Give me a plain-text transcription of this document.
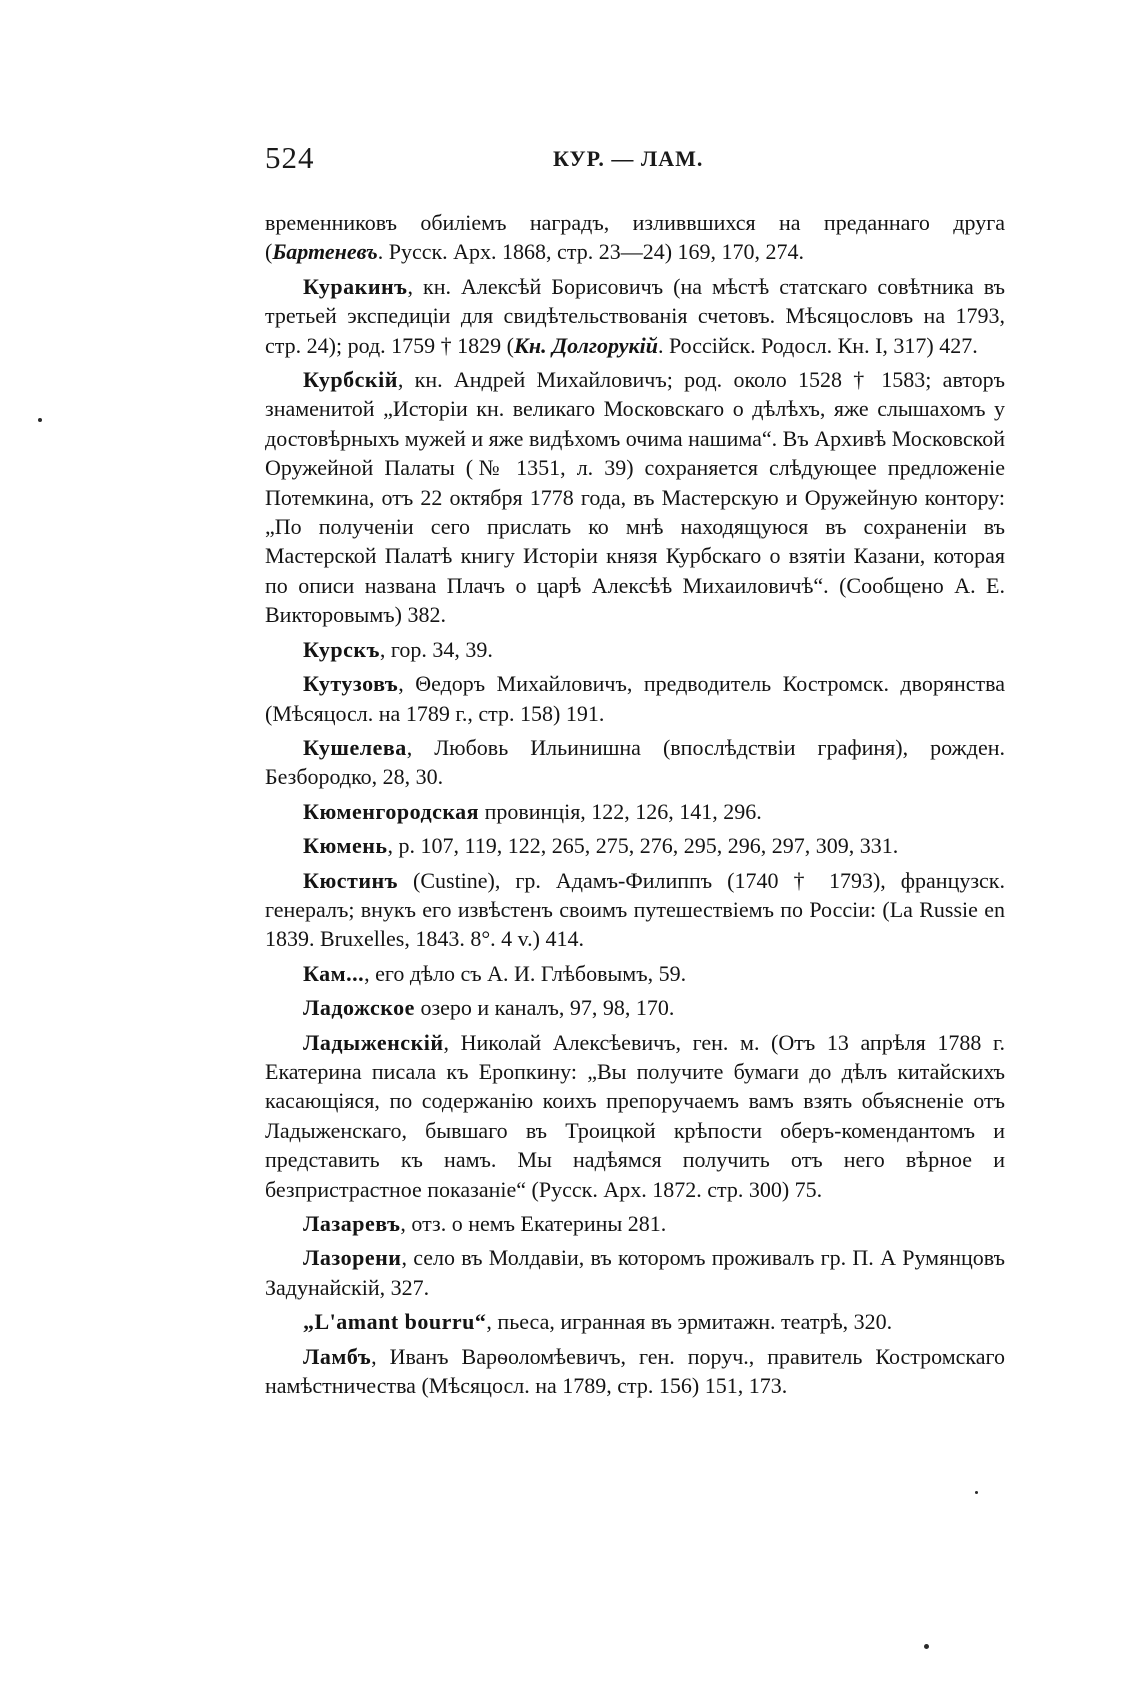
524	КУР. — ЛАМ.

временниковъ обиліемъ наградъ, изливвшихся на преданнаго друга (Бартеневъ. Русск. Арх. 1868, стр. 23—24) 169, 170, 274.

Куракинъ, кн. Алексѣй Борисовичъ (на мѣстѣ статскаго совѣтника въ третьей экспедиціи для свидѣтельствованія счетовъ. Мѣсяцословъ на 1793, стр. 24); род. 1759 † 1829 (Кн. Долгорукій. Россійск. Родосл. Кн. I, 317) 427.

Курбскій, кн. Андрей Михайловичъ; род. около 1528 † 1583; авторъ знаменитой „Исторіи кн. великаго Московскаго о дѣлѣхъ, яже слышахомъ у достовѣрныхъ мужей и яже видѣхомъ очима нашима“. Въ Архивѣ Московской Оружейной Палаты (№ 1351, л. 39) сохраняется слѣдующее предложеніе Потемкина, отъ 22 октября 1778 года, въ Мастерскую и Оружейную контору: „По полученіи сего прислать ко мнѣ находящуюся въ сохраненіи въ Мастерской Палатѣ книгу Исторіи князя Курбскаго о взятіи Казани, которая по описи названа Плачъ о царѣ Алексѣѣ Михаиловичѣ“. (Сообщено А. Е. Викторовымъ) 382.

Курскъ, гор. 34, 39.

Кутузовъ, Θедоръ Михайловичъ, предводитель Костромск. дворянства (Мѣсяцосл. на 1789 г., стр. 158) 191.

Кушелева, Любовь Ильинишна (впослѣдствіи графиня), рожден. Безбородко, 28, 30.

Кюменгородская провинція, 122, 126, 141, 296.

Кюмень, р. 107, 119, 122, 265, 275, 276, 295, 296, 297, 309, 331.

Кюстинъ (Custine), гр. Адамъ-Филиппъ (1740 † 1793), французск. генералъ; внукъ его извѣстенъ своимъ путешествіемъ по Россіи: (La Russie en 1839. Bruxelles, 1843. 8°. 4 v.) 414.

Кам..., его дѣло съ А. И. Глѣбовымъ, 59.

Ладожское озеро и каналъ, 97, 98, 170.

Ладыженскій, Николай Алексѣевичъ, ген. м. (Отъ 13 апрѣля 1788 г. Екатерина писала къ Еропкину: „Вы получите бумаги до дѣлъ китайскихъ касающіяся, по содержанію коихъ препоручаемъ вамъ взять объясненіе отъ Ладыженскаго, бывшаго въ Троицкой крѣпости оберъ-комендантомъ и представить къ намъ. Мы надѣямся получить отъ него вѣрное и безпристрастное показаніе“ (Русск. Арх. 1872. стр. 300) 75.

Лазаревъ, отз. о немъ Екатерины 281.

Лазорени, село въ Молдавіи, въ которомъ проживалъ гр. П. А Румянцовъ Задунайскій, 327.

„L'amant bourru“, пьеса, игранная въ эрмитажн. театрѣ, 320.

Ламбъ, Иванъ Варѳоломѣевичъ, ген. поруч., правитель Костромскаго намѣстничества (Мѣсяцосл. на 1789, стр. 156) 151, 173.
